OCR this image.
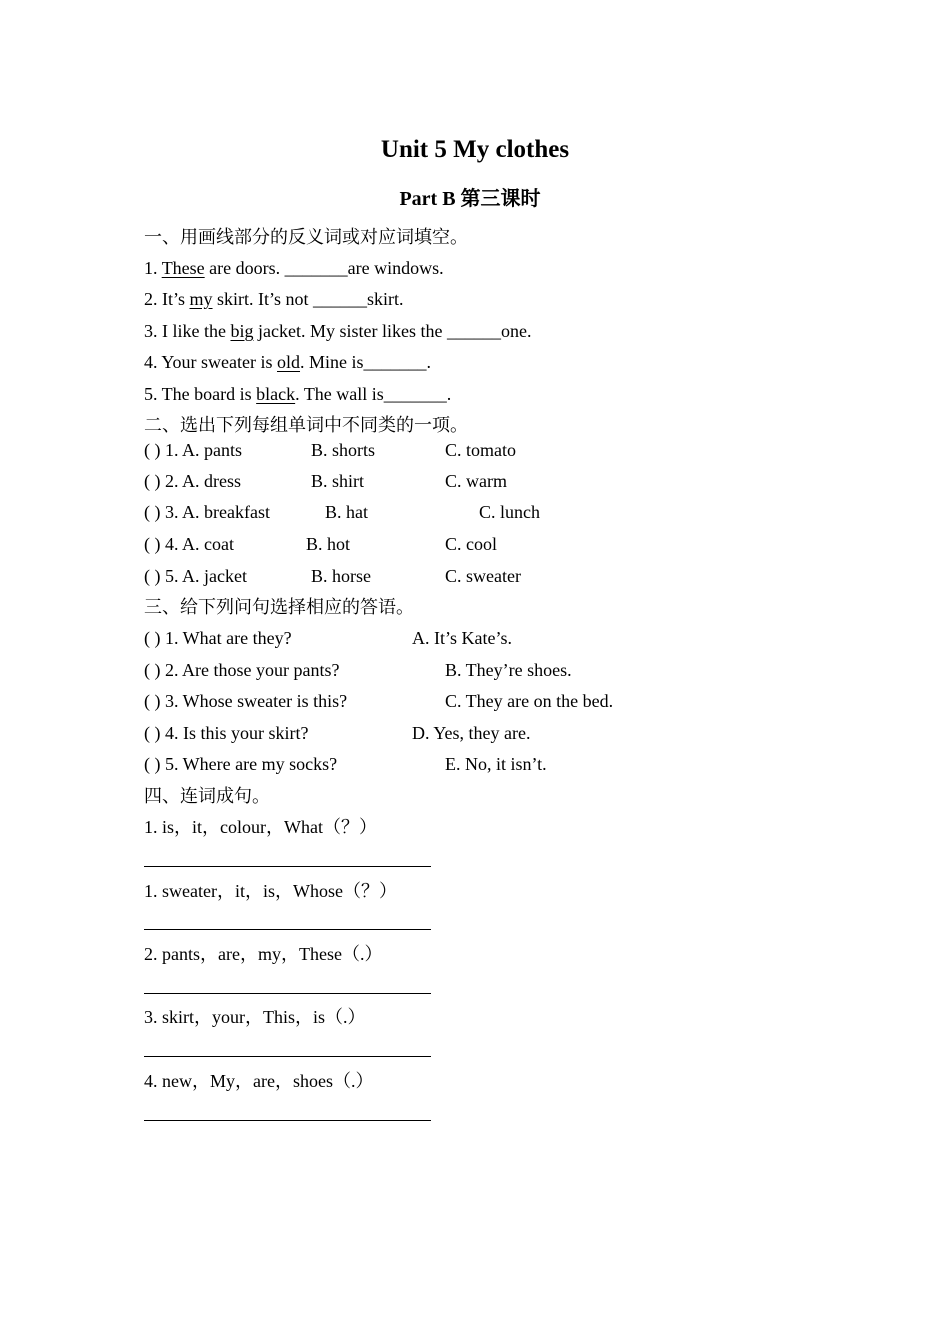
Unit 5 My clothes
Part B 第三课时
一、用画线部分的反义词或对应词填空。
1. These are doors. _______are windows.
2. It’s my skirt. It’s not ______skirt.
3. I like the big jacket. My sister likes the ______one.
4. Your sweater is old. Mine is_______.
5. The board is black. The wall is_______.
二、选出下列每组单词中不同类的一项。
( ) 1. A. pants	B. shorts	C. tomato
( ) 2. A. dress	B. shirt	C. warm
( ) 3. A. breakfast	B. hat	C. lunch
( ) 4. A. coat	B. hot	C. cool
( ) 5. A. jacket	B. horse	C. sweater
三、给下列问句选择相应的答语。
( ) 1. What are they?	A. It’s Kate’s.
( ) 2. Are those your pants?	B. They’re shoes.
( ) 3. Whose sweater is this?	C. They are on the bed.
( ) 4. Is this your skirt?	D. Yes, they are.
( ) 5. Where are my socks?	E. No, it isn’t.
四、连词成句。
1. is，it，colour，What（？）
1. sweater，it，is，Whose（？）
2. pants，are，my，These（.）
3. skirt，your，This，is（.）
4. new，My，are，shoes（.）
